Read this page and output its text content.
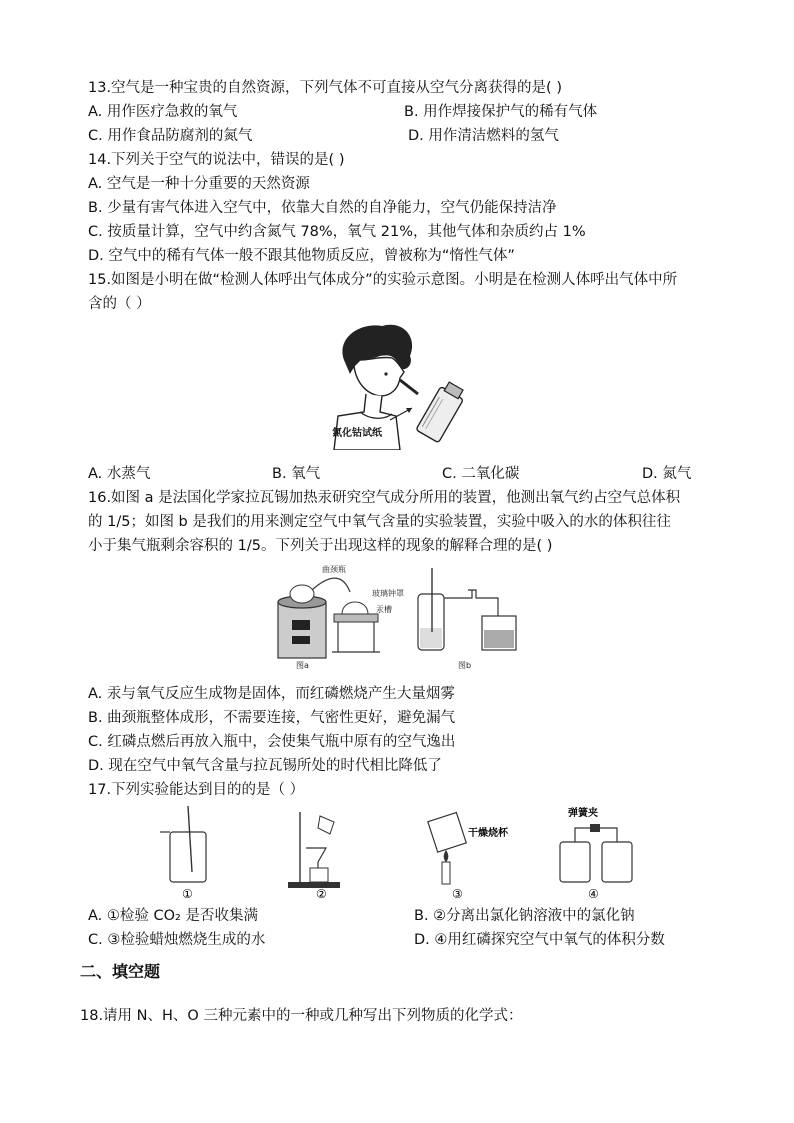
13.空气是一种宝贵的自然资源，下列气体不可直接从空气分离获得的是( )
A. 用作医疗急救的氧气	B. 用作焊接保护气的稀有气体
C. 用作食品防腐剂的氮气	D. 用作清洁燃料的氢气
14.下列关于空气的说法中，错误的是( )
A. 空气是一种十分重要的天然资源
B. 少量有害气体进入空气中，依靠大自然的自净能力，空气仍能保持洁净
C. 按质量计算，空气中约含氮气 78%，氧气 21%，其他气体和杂质约占 1%
D. 空气中的稀有气体一般不跟其他物质反应，曾被称为“惰性气体”
15.如图是小明在做“检测人体呼出气体成分”的实验示意图。小明是在检测人体呼出气体中所
含的（ ）
氯化钴试纸
A. 水蒸气	B. 氧气	C. 二氧化碳	D. 氮气
16.如图 a 是法国化学家拉瓦锡加热汞研究空气成分所用的装置，他测出氧气约占空气总体积
的 1/5；如图 b 是我们的用来测定空气中氧气含量的实验装置，实验中吸入的水的体积往往
小于集气瓶剩余容积的 1/5。下列关于出现这样的现象的解释合理的是( )
曲颈瓶
玻璃钟罩
汞槽
图a	图b
A. 汞与氧气反应生成物是固体，而红磷燃烧产生大量烟雾
B. 曲颈瓶整体成形，不需要连接，气密性更好，避免漏气
C. 红磷点燃后再放入瓶中，会使集气瓶中原有的空气逸出
D. 现在空气中氧气含量与拉瓦锡所处的时代相比降低了
17.下列实验能达到目的的是（ ）
①	②
干燥烧杯
③
弹簧夹
④
A. ①检验 CO₂ 是否收集满	B. ②分离出氯化钠溶液中的氯化钠
C. ③检验蜡烛燃烧生成的水	D. ④用红磷探究空气中氧气的体积分数
二、填空题
18.请用 N、H、O 三种元素中的一种或几种写出下列物质的化学式：
